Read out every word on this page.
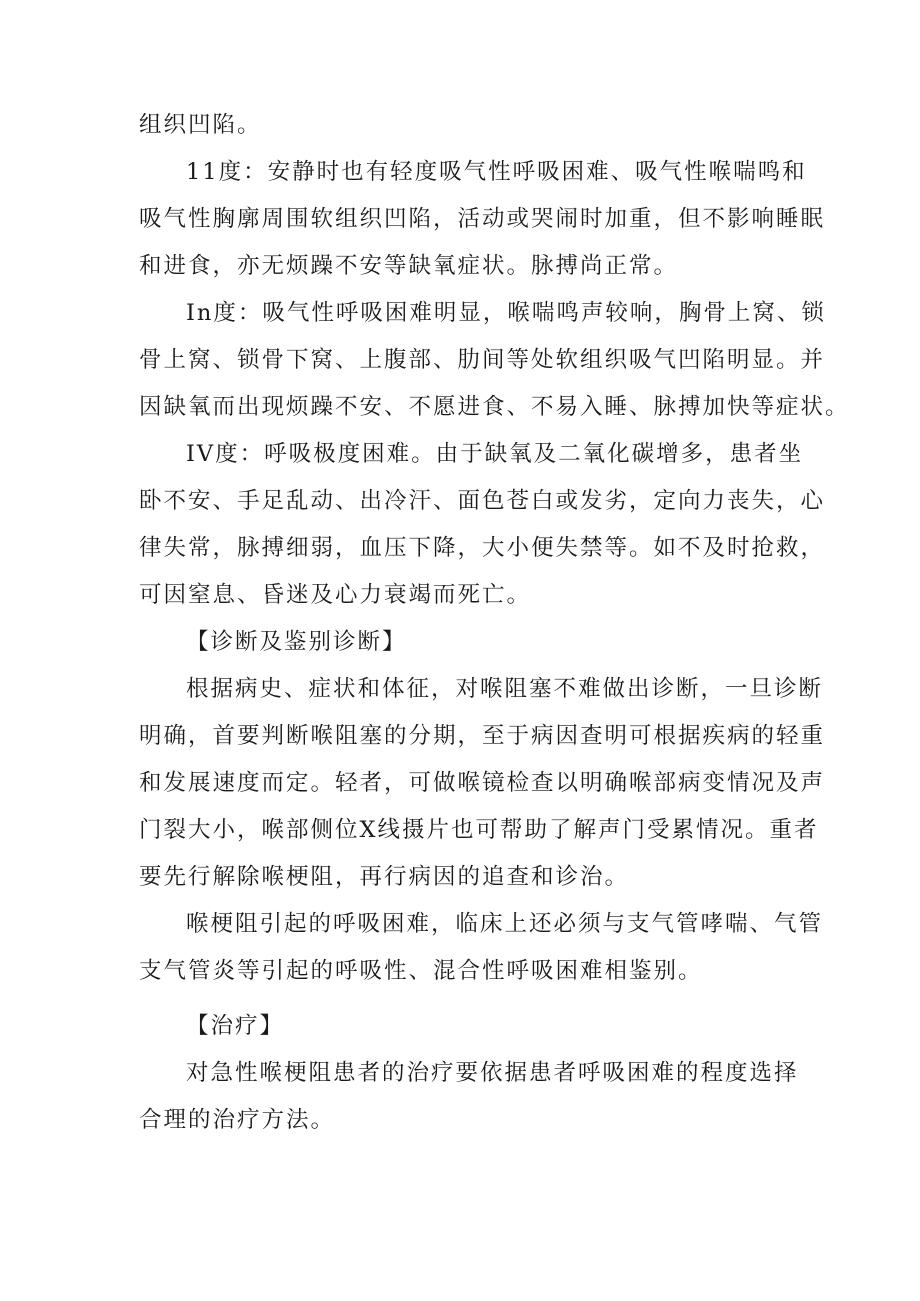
组织凹陷。
11度：安静时也有轻度吸气性呼吸困难、吸气性喉喘鸣和
吸气性胸廓周围软组织凹陷，活动或哭闹时加重，但不影响睡眠
和进食，亦无烦躁不安等缺氧症状。脉搏尚正常。
In度：吸气性呼吸困难明显，喉喘鸣声较响，胸骨上窝、锁
骨上窝、锁骨下窝、上腹部、肋间等处软组织吸气凹陷明显。并
因缺氧而出现烦躁不安、不愿进食、不易入睡、脉搏加快等症状。
IV度：呼吸极度困难。由于缺氧及二氧化碳增多，患者坐
卧不安、手足乱动、出冷汗、面色苍白或发劣，定向力丧失，心
律失常，脉搏细弱，血压下降，大小便失禁等。如不及时抢救，
可因窒息、昏迷及心力衰竭而死亡。
【诊断及鉴别诊断】
根据病史、症状和体征，对喉阻塞不难做出诊断，一旦诊断
明确，首要判断喉阻塞的分期，至于病因查明可根据疾病的轻重
和发展速度而定。轻者，可做喉镜检查以明确喉部病变情况及声
门裂大小，喉部侧位X线摄片也可帮助了解声门受累情况。重者
要先行解除喉梗阻，再行病因的追查和诊治。
喉梗阻引起的呼吸困难，临床上还必须与支气管哮喘、气管
支气管炎等引起的呼吸性、混合性呼吸困难相鉴别。
【治疗】
对急性喉梗阻患者的治疗要依据患者呼吸困难的程度选择
合理的治疗方法。
